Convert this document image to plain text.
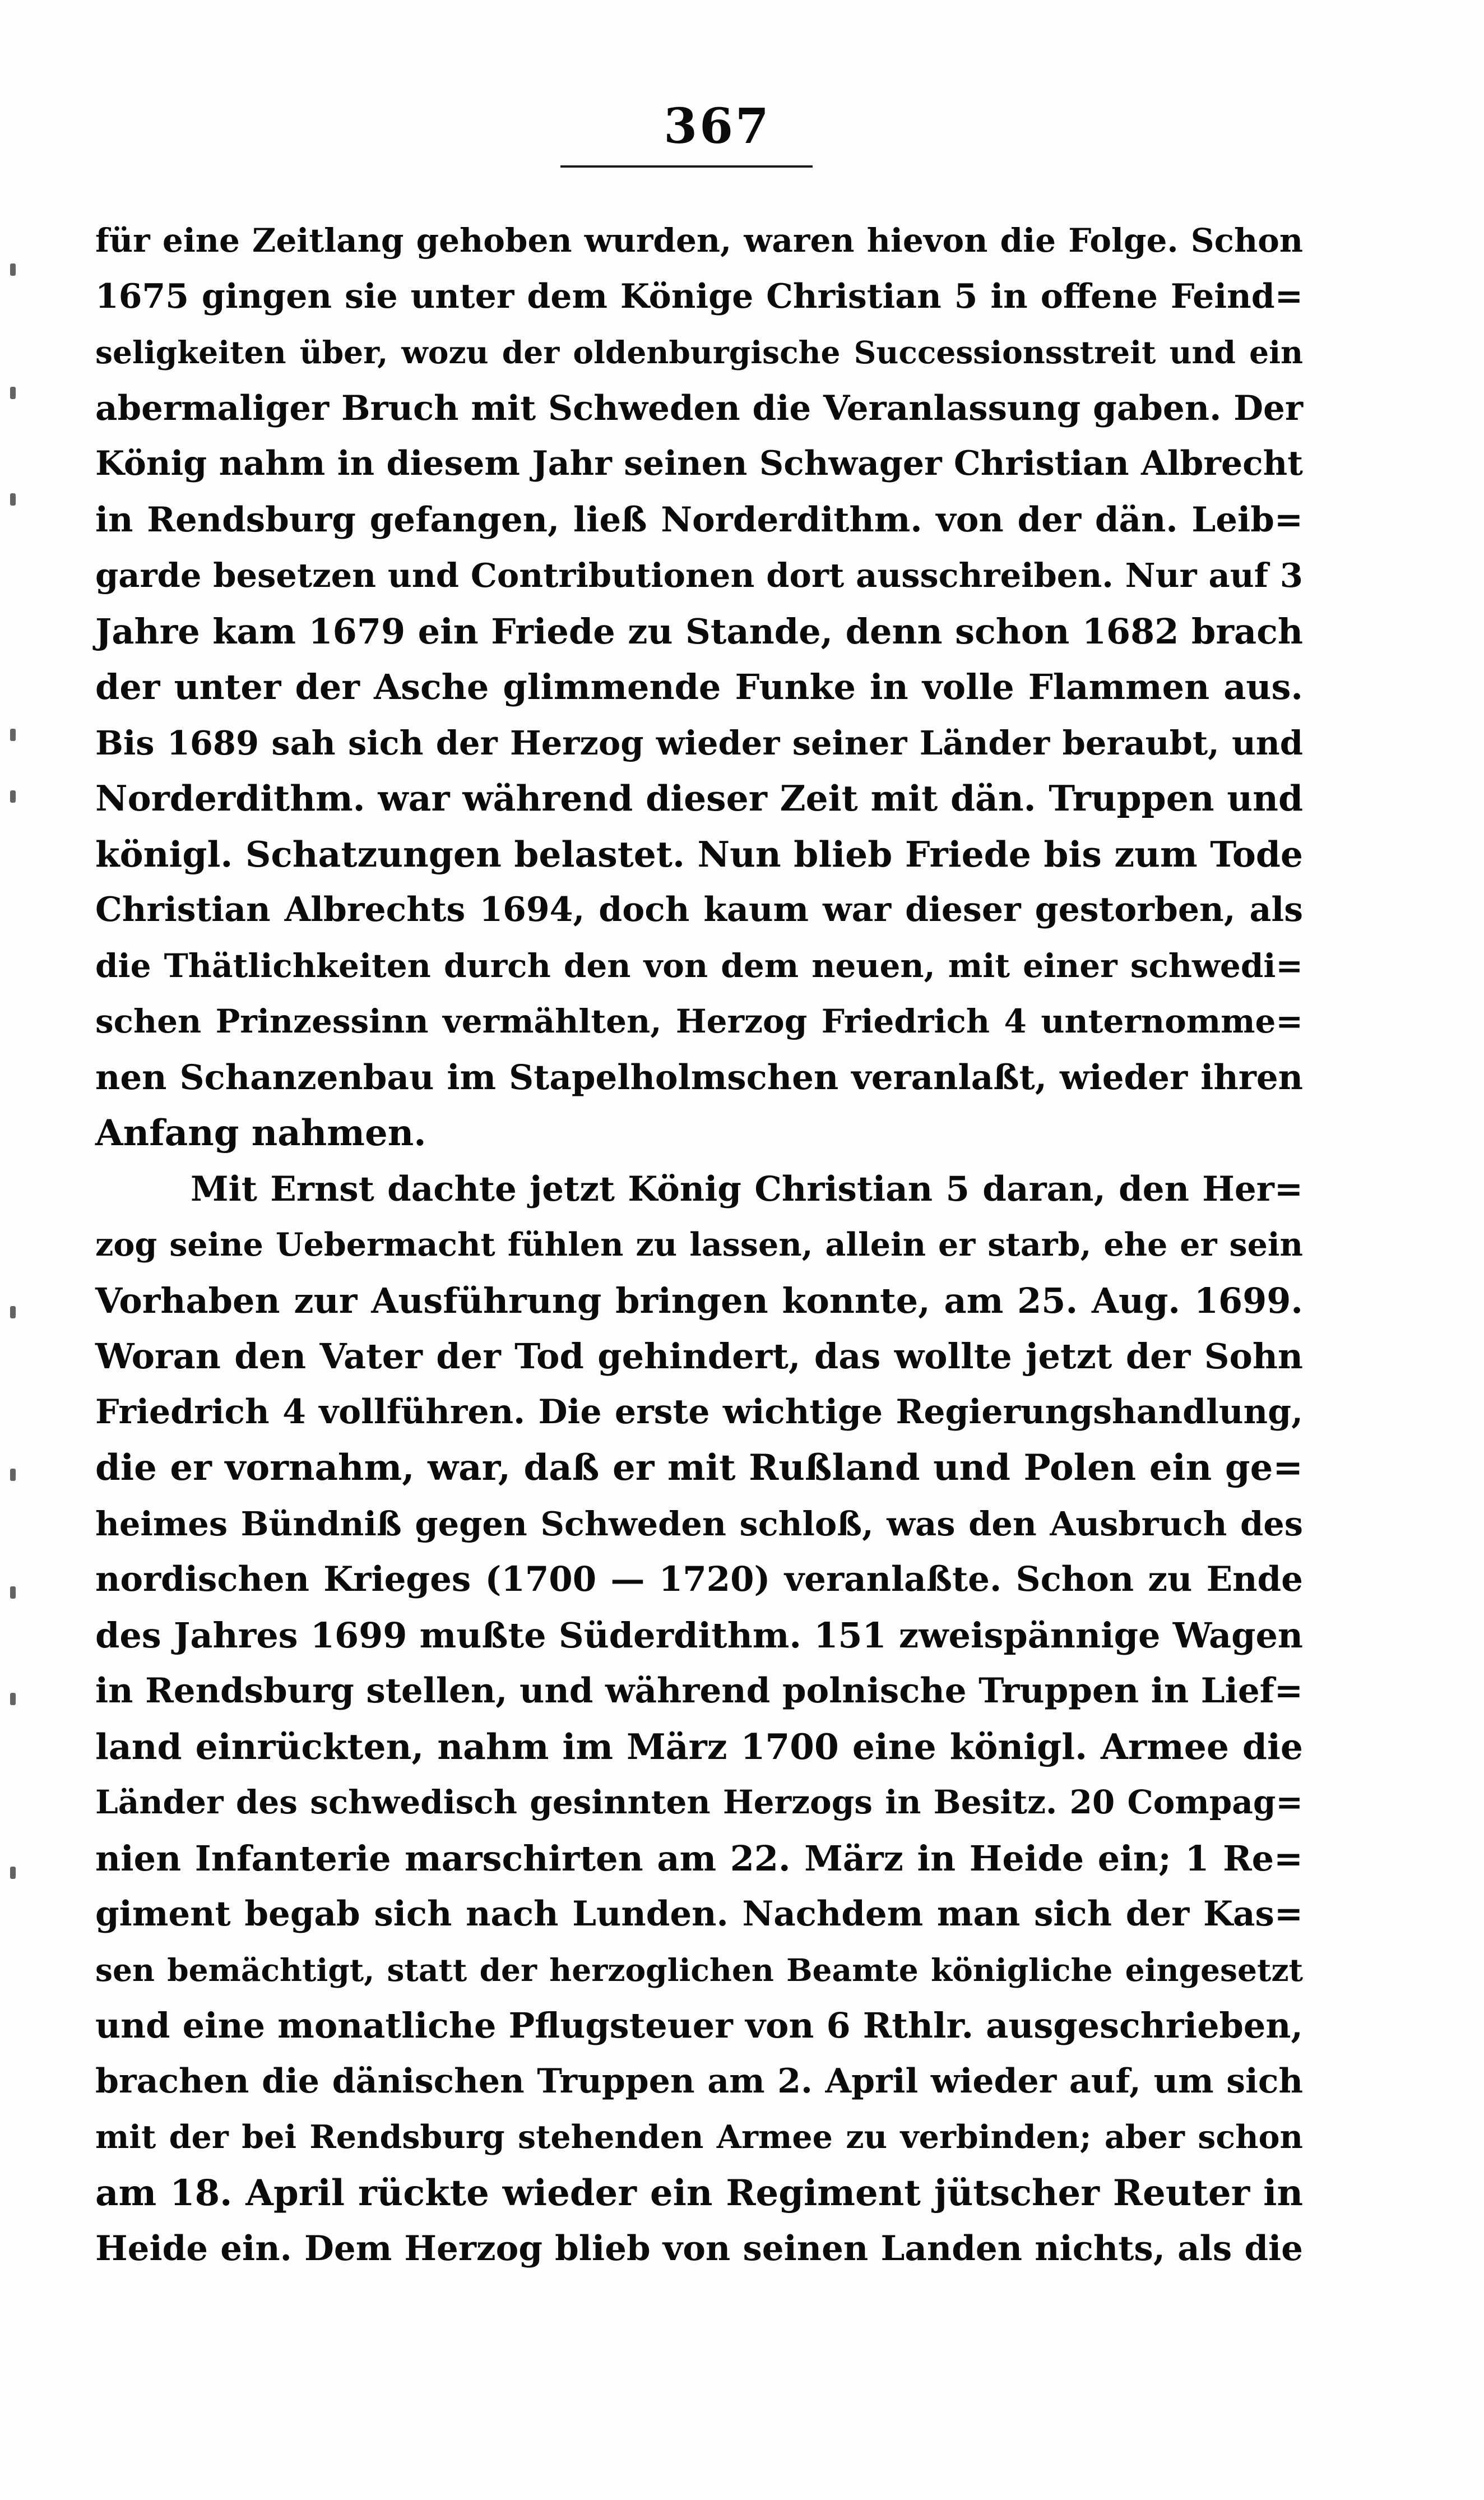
367
für eine Zeitlang gehoben wurden, waren hievon die Folge. Schon
1675 gingen sie unter dem Könige Christian 5 in offene Feind=
seligkeiten über, wozu der oldenburgische Successionsstreit und ein
abermaliger Bruch mit Schweden die Veranlassung gaben. Der
König nahm in diesem Jahr seinen Schwager Christian Albrecht
in Rendsburg gefangen, ließ Norderdithm. von der dän. Leib=
garde besetzen und Contributionen dort ausschreiben. Nur auf 3
Jahre kam 1679 ein Friede zu Stande, denn schon 1682 brach
der unter der Asche glimmende Funke in volle Flammen aus.
Bis 1689 sah sich der Herzog wieder seiner Länder beraubt, und
Norderdithm. war während dieser Zeit mit dän. Truppen und
königl. Schatzungen belastet. Nun blieb Friede bis zum Tode
Christian Albrechts 1694, doch kaum war dieser gestorben, als
die Thätlichkeiten durch den von dem neuen, mit einer schwedi=
schen Prinzessinn vermählten, Herzog Friedrich 4 unternomme=
nen Schanzenbau im Stapelholmschen veranlaßt, wieder ihren
Anfang nahmen.
Mit Ernst dachte jetzt König Christian 5 daran, den Her=
zog seine Uebermacht fühlen zu lassen, allein er starb, ehe er sein
Vorhaben zur Ausführung bringen konnte, am 25. Aug. 1699.
Woran den Vater der Tod gehindert, das wollte jetzt der Sohn
Friedrich 4 vollführen. Die erste wichtige Regierungshandlung,
die er vornahm, war, daß er mit Rußland und Polen ein ge=
heimes Bündniß gegen Schweden schloß, was den Ausbruch des
nordischen Krieges (1700 — 1720) veranlaßte. Schon zu Ende
des Jahres 1699 mußte Süderdithm. 151 zweispännige Wagen
in Rendsburg stellen, und während polnische Truppen in Lief=
land einrückten, nahm im März 1700 eine königl. Armee die
Länder des schwedisch gesinnten Herzogs in Besitz. 20 Compag=
nien Infanterie marschirten am 22. März in Heide ein; 1 Re=
giment begab sich nach Lunden. Nachdem man sich der Kas=
sen bemächtigt, statt der herzoglichen Beamte königliche eingesetzt
und eine monatliche Pflugsteuer von 6 Rthlr. ausgeschrieben,
brachen die dänischen Truppen am 2. April wieder auf, um sich
mit der bei Rendsburg stehenden Armee zu verbinden; aber schon
am 18. April rückte wieder ein Regiment jütscher Reuter in
Heide ein. Dem Herzog blieb von seinen Landen nichts, als die
